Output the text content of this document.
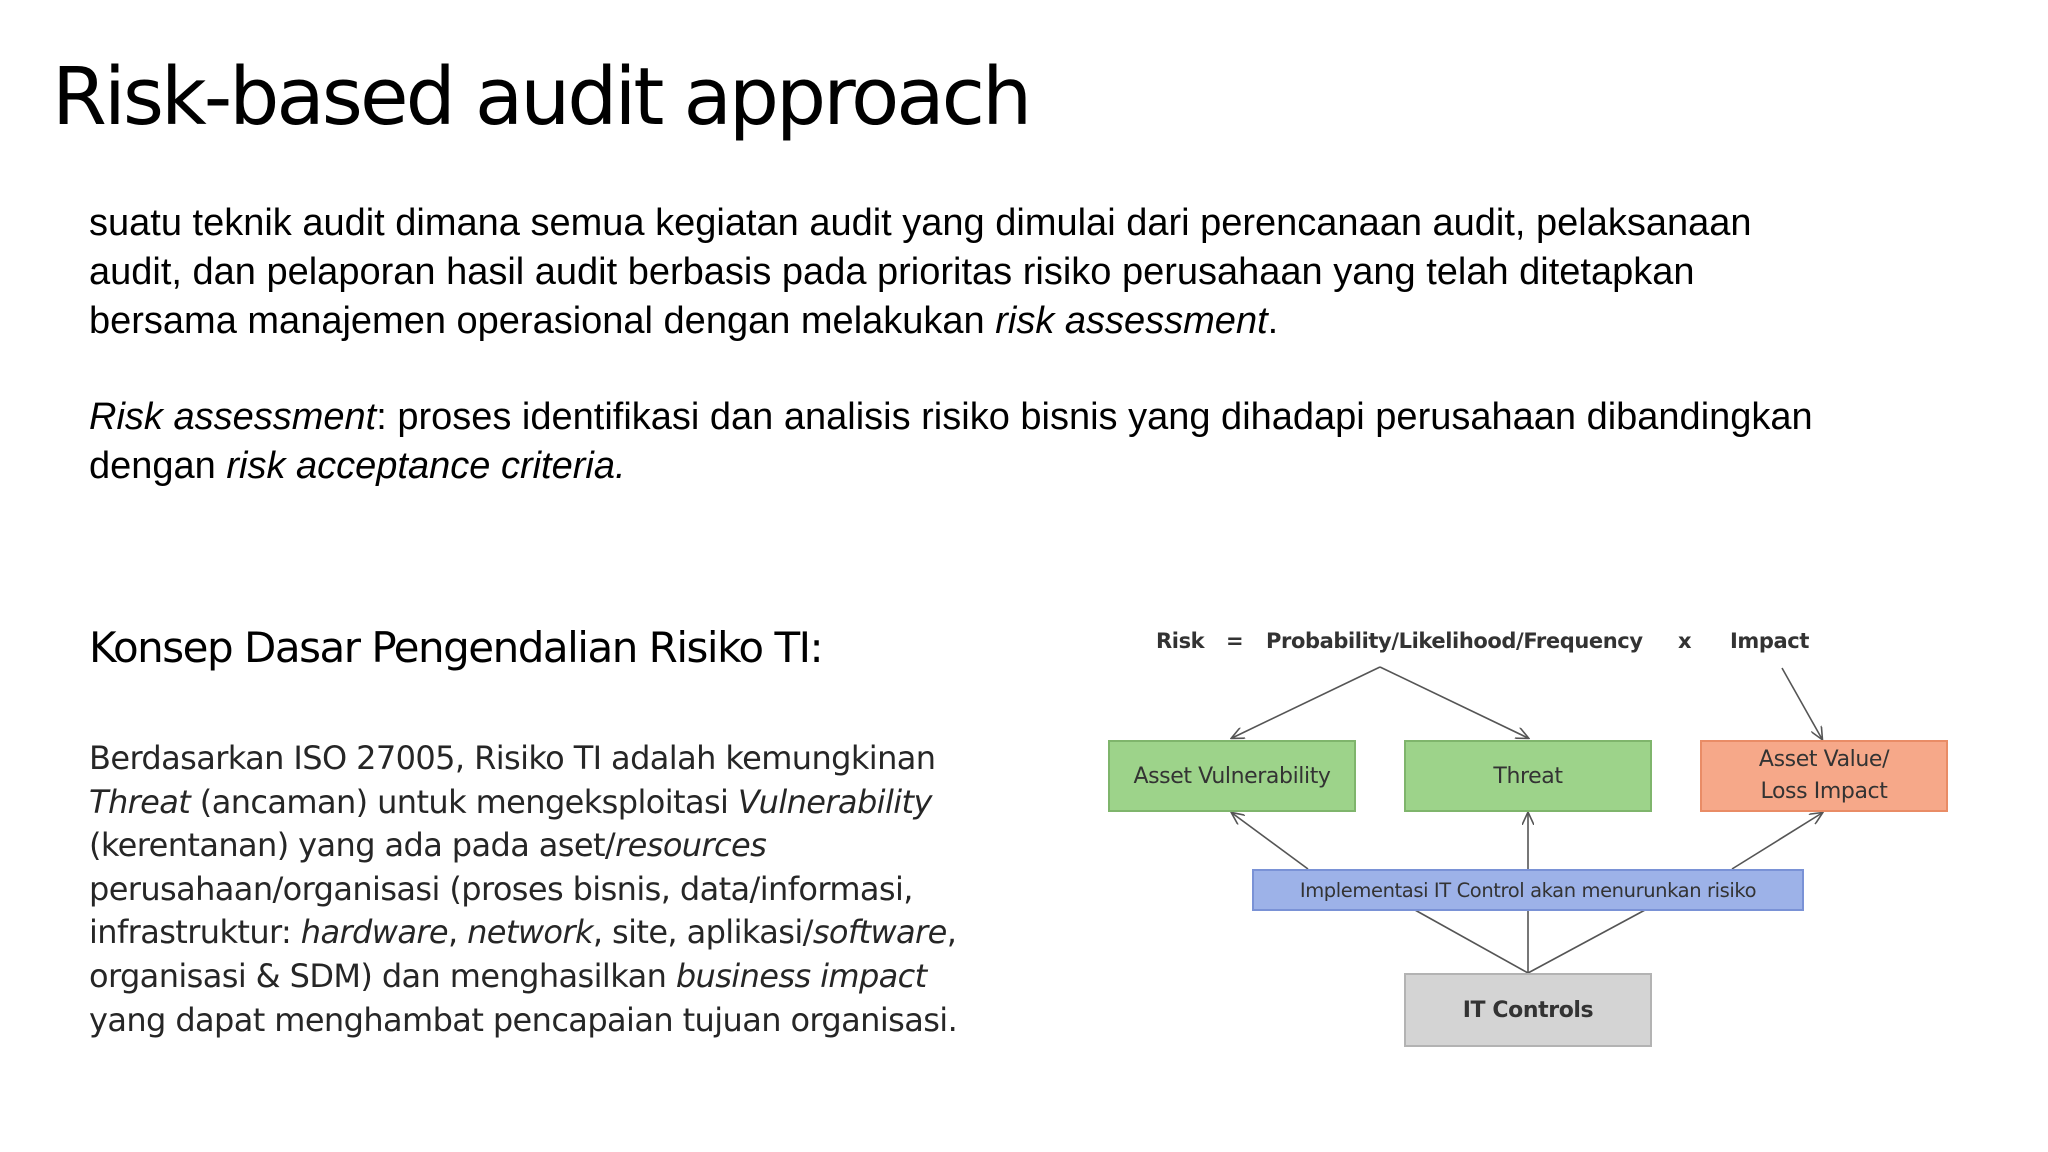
Risk-based audit approach

suatu teknik audit dimana semua kegiatan audit yang dimulai dari perencanaan audit, pelaksanaan
audit, dan pelaporan hasil audit berbasis pada prioritas risiko perusahaan yang telah ditetapkan
bersama manajemen operasional dengan melakukan risk assessment.

Risk assessment: proses identifikasi dan analisis risiko bisnis yang dihadapi perusahaan dibandingkan
dengan risk acceptance criteria.

Konsep Dasar Pengendalian Risiko TI:

Berdasarkan ISO 27005, Risiko TI adalah kemungkinan
Threat (ancaman) untuk mengeksploitasi Vulnerability
(kerentanan) yang ada pada aset/resources
perusahaan/organisasi (proses bisnis, data/informasi,
infrastruktur: hardware, network, site, aplikasi/software,
organisasi & SDM) dan menghasilkan business impact
yang dapat menghambat pencapaian tujuan organisasi.

Risk = Probability/Likelihood/Frequency x Impact
Asset Vulnerability	Threat
Asset Value/
Loss Impact
Implementasi IT Control akan menurunkan risiko
IT Controls
